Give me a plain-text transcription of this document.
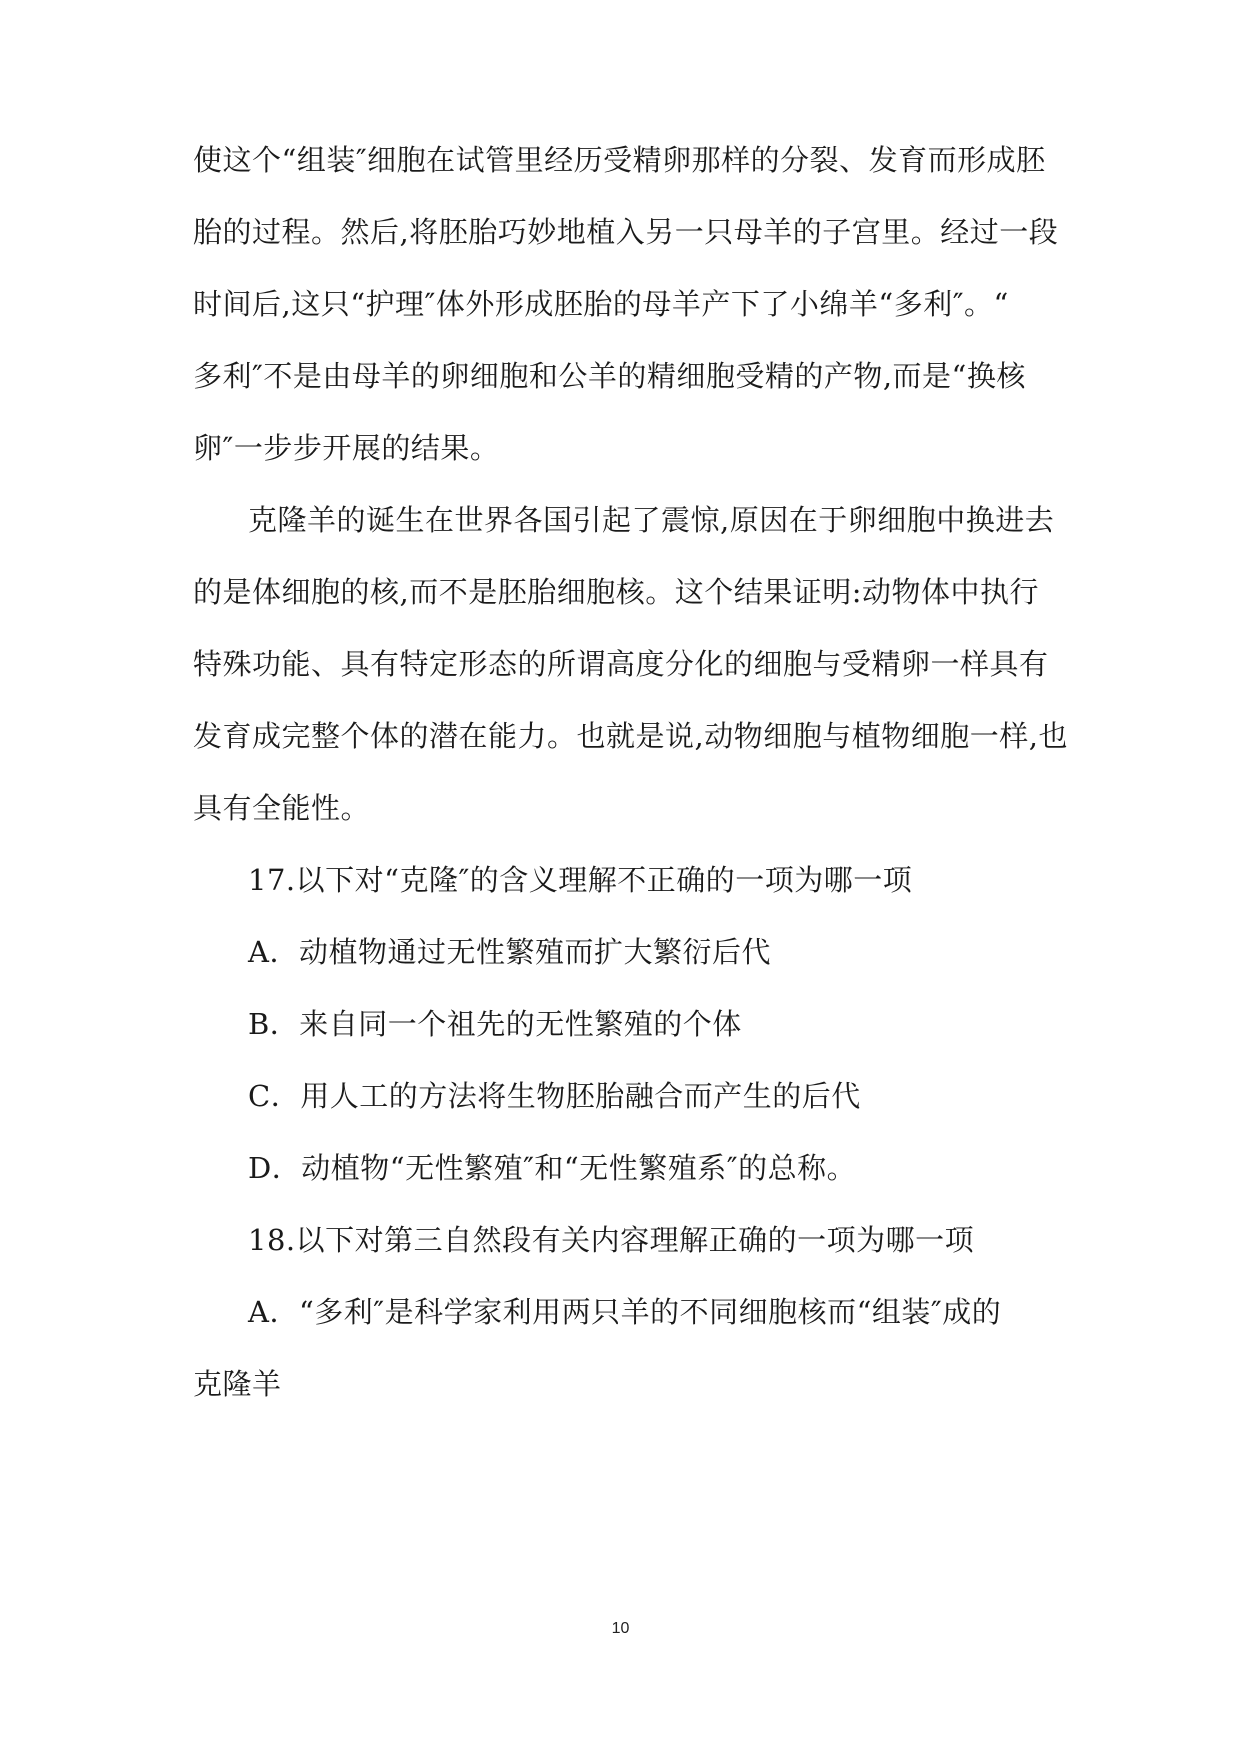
使这个“组装″细胞在试管里经历受精卵那样的分裂、发育而形成胚
胎的过程。然后,将胚胎巧妙地植入另一只母羊的子宫里。经过一段
时间后,这只“护理″体外形成胚胎的母羊产下了小绵羊“多利″。“
多利″不是由母羊的卵细胞和公羊的精细胞受精的产物,而是“换核
卵″一步步开展的结果。
克隆羊的诞生在世界各国引起了震惊,原因在于卵细胞中换进去
的是体细胞的核,而不是胚胎细胞核。这个结果证明:动物体中执行
特殊功能、具有特定形态的所谓高度分化的细胞与受精卵一样具有
发育成完整个体的潜在能力。也就是说,动物细胞与植物细胞一样,也
具有全能性。
17.以下对“克隆″的含义理解不正确的一项为哪一项
A．动植物通过无性繁殖而扩大繁衍后代
B．来自同一个祖先的无性繁殖的个体
C．用人工的方法将生物胚胎融合而产生的后代
D．动植物“无性繁殖″和“无性繁殖系″的总称。
18.以下对第三自然段有关内容理解正确的一项为哪一项
A．“多利″是科学家利用两只羊的不同细胞核而“组装″成的
克隆羊
10
